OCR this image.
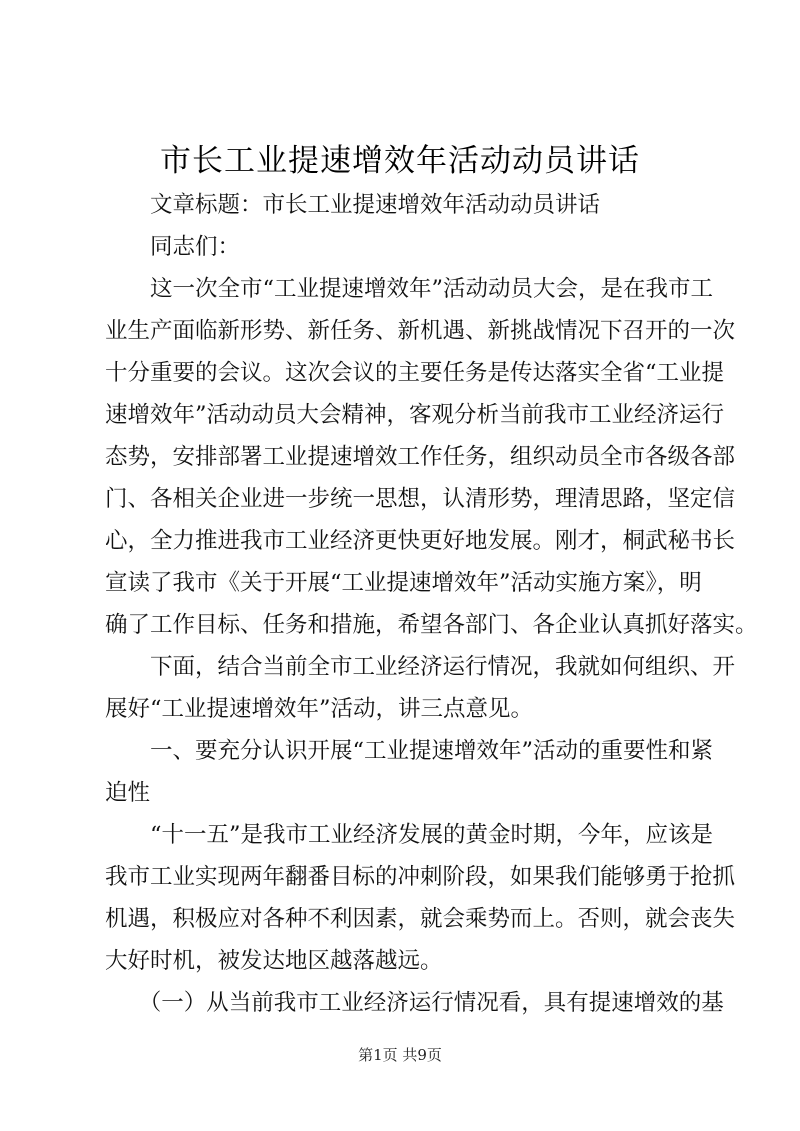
市长工业提速增效年活动动员讲话
　　文章标题：市长工业提速增效年活动动员讲话
　　同志们：
　　这一次全市“工业提速增效年”活动动员大会，是在我市工
业生产面临新形势、新任务、新机遇、新挑战情况下召开的一次
十分重要的会议。这次会议的主要任务是传达落实全省“工业提
速增效年”活动动员大会精神，客观分析当前我市工业经济运行
态势，安排部署工业提速增效工作任务，组织动员全市各级各部
门、各相关企业进一步统一思想，认清形势，理清思路，坚定信
心，全力推进我市工业经济更快更好地发展。刚才，桐武秘书长
宣读了我市《关于开展“工业提速增效年”活动实施方案》，明
确了工作目标、任务和措施，希望各部门、各企业认真抓好落实。
　　下面，结合当前全市工业经济运行情况，我就如何组织、开
展好“工业提速增效年”活动，讲三点意见。
　　一、要充分认识开展“工业提速增效年”活动的重要性和紧
迫性
　　“十一五”是我市工业经济发展的黄金时期，今年，应该是
我市工业实现两年翻番目标的冲刺阶段，如果我们能够勇于抢抓
机遇，积极应对各种不利因素，就会乘势而上。否则，就会丧失
大好时机，被发达地区越落越远。
　　（一）从当前我市工业经济运行情况看，具有提速增效的基
第1页 共9页
